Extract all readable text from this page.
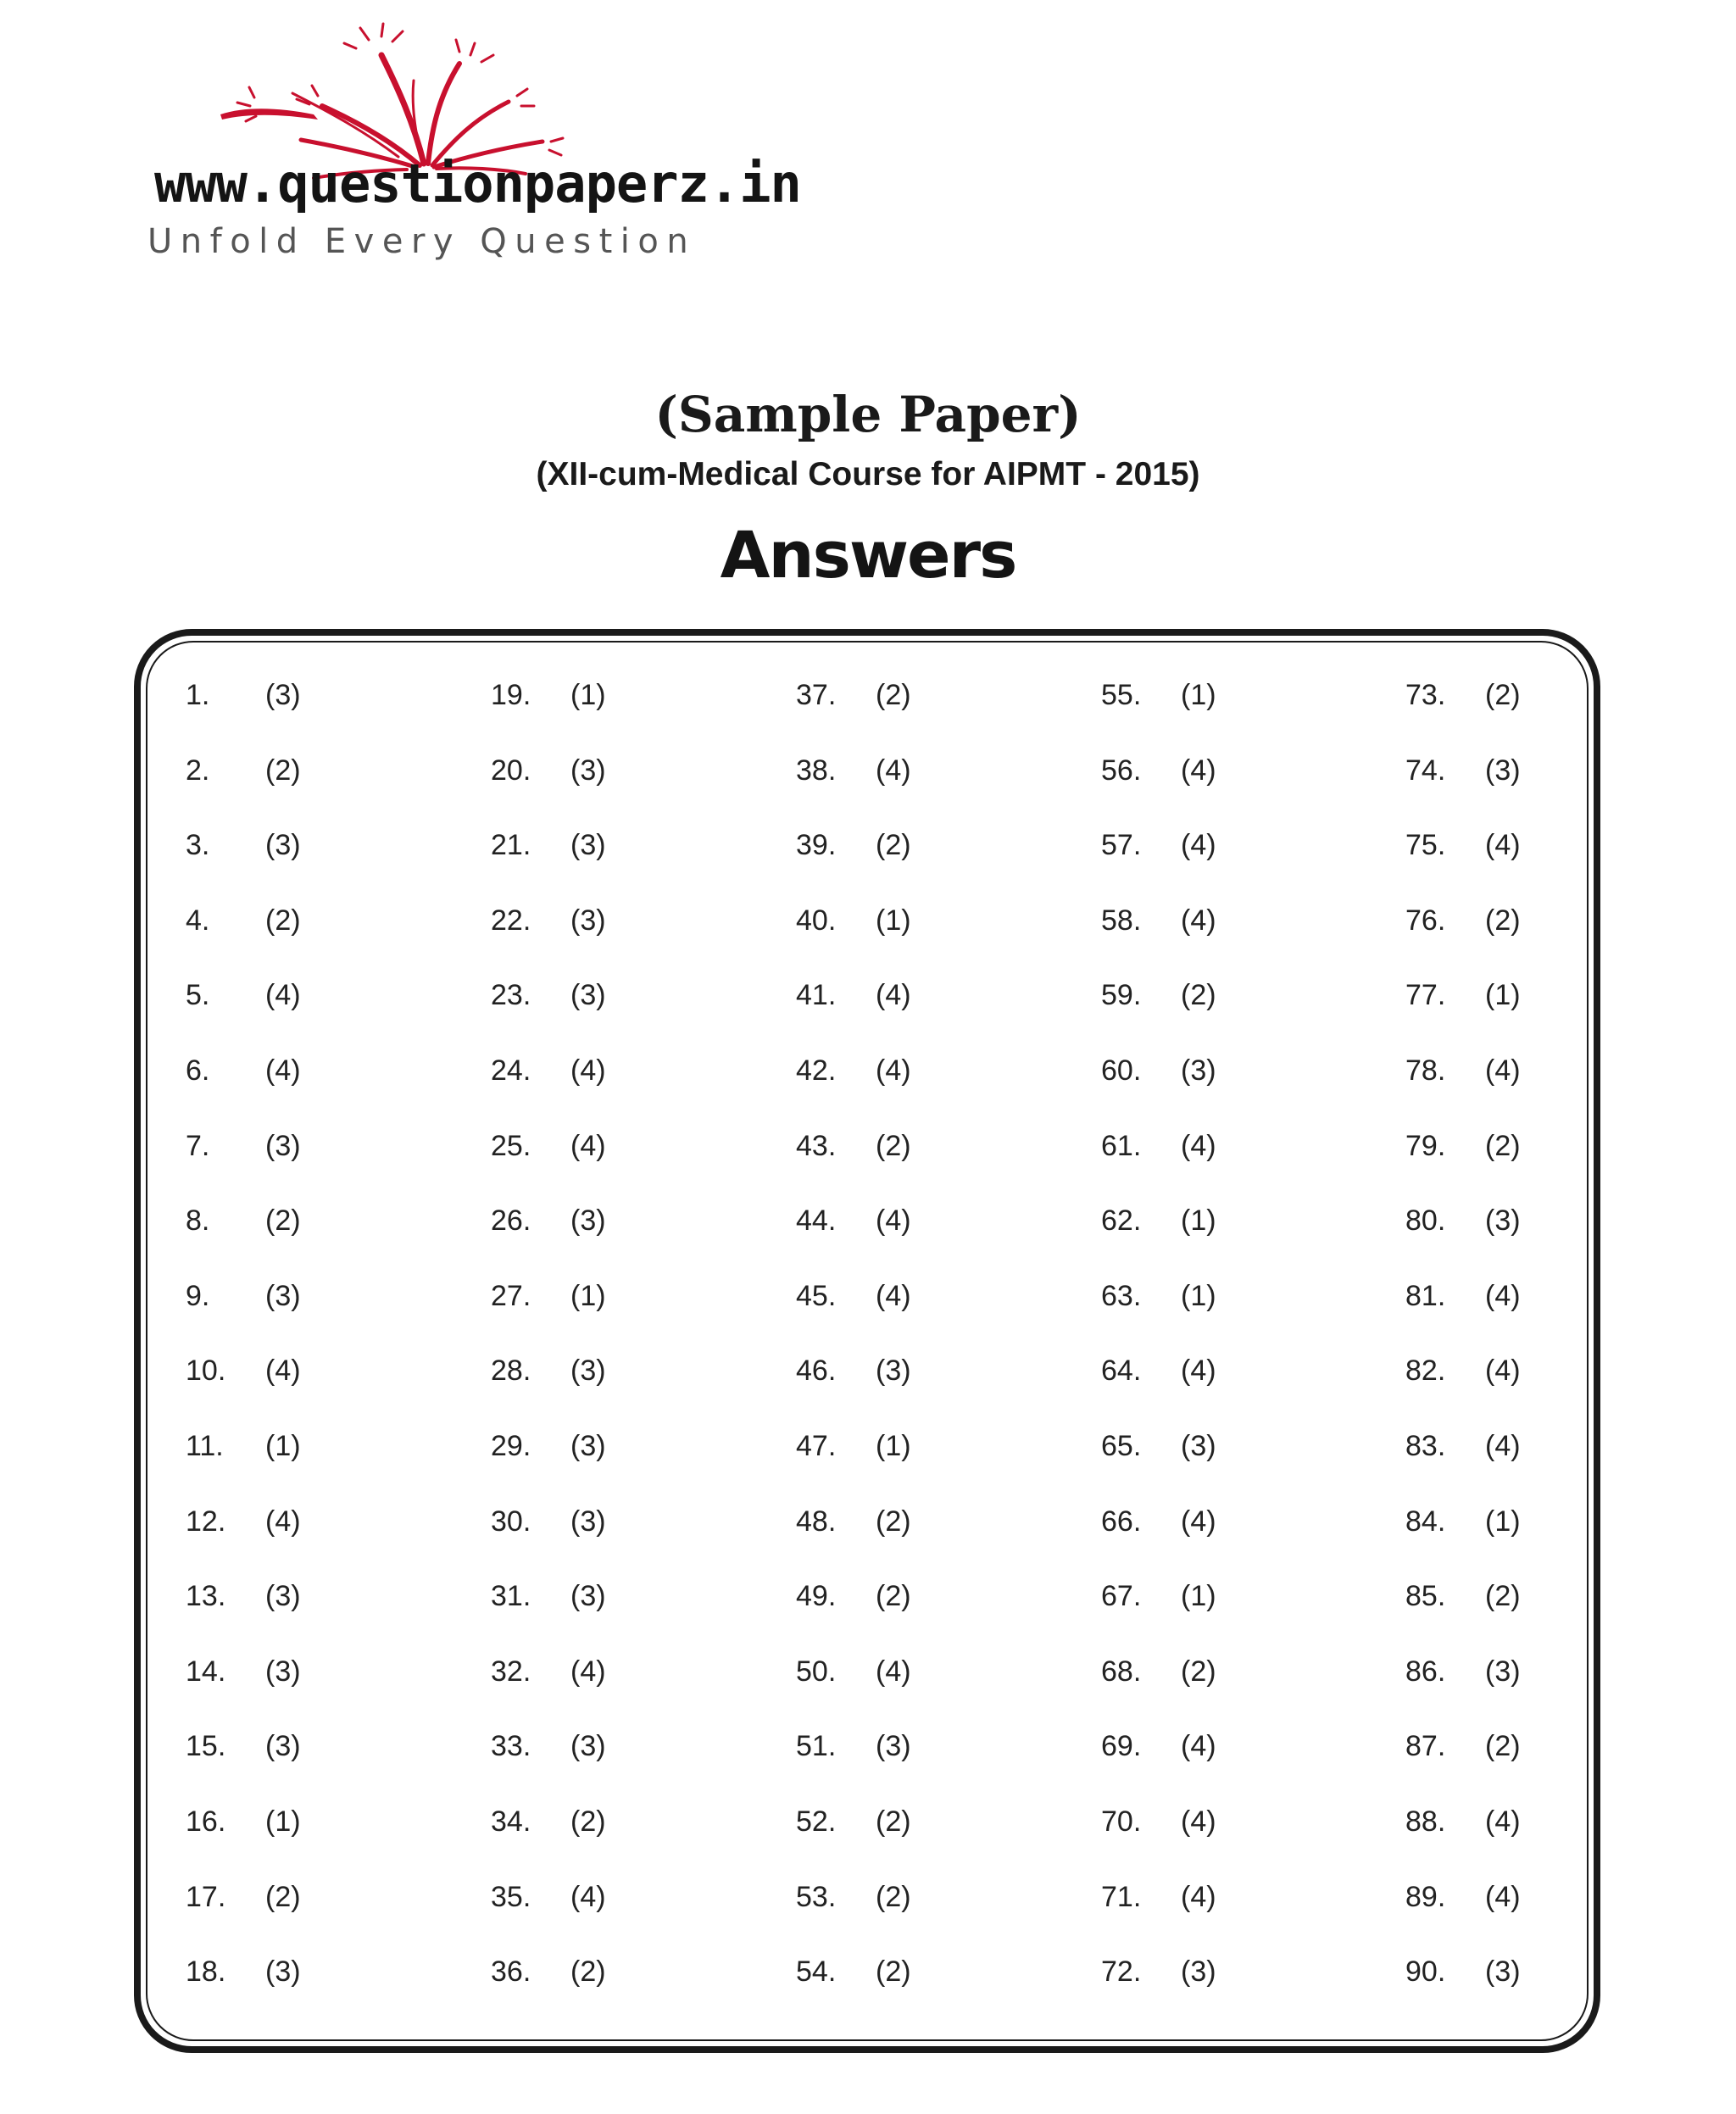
www.questionpaperz.in
Unfold Every Question
(Sample Paper)
(XII-cum-Medical Course for AIPMT - 2015)
Answers
1. (3)
2. (2)
3. (3)
4. (2)
5. (4)
6. (4)
7. (3)
8. (2)
9. (3)
10. (4)
11. (1)
12. (4)
13. (3)
14. (3)
15. (3)
16. (1)
17. (2)
18. (3)
19. (1)
20. (3)
21. (3)
22. (3)
23. (3)
24. (4)
25. (4)
26. (3)
27. (1)
28. (3)
29. (3)
30. (3)
31. (3)
32. (4)
33. (3)
34. (2)
35. (4)
36. (2)
37. (2)
38. (4)
39. (2)
40. (1)
41. (4)
42. (4)
43. (2)
44. (4)
45. (4)
46. (3)
47. (1)
48. (2)
49. (2)
50. (4)
51. (3)
52. (2)
53. (2)
54. (2)
55. (1)
56. (4)
57. (4)
58. (4)
59. (2)
60. (3)
61. (4)
62. (1)
63. (1)
64. (4)
65. (3)
66. (4)
67. (1)
68. (2)
69. (4)
70. (4)
71. (4)
72. (3)
73. (2)
74. (3)
75. (4)
76. (2)
77. (1)
78. (4)
79. (2)
80. (3)
81. (4)
82. (4)
83. (4)
84. (1)
85. (2)
86. (3)
87. (2)
88. (4)
89. (4)
90. (3)
